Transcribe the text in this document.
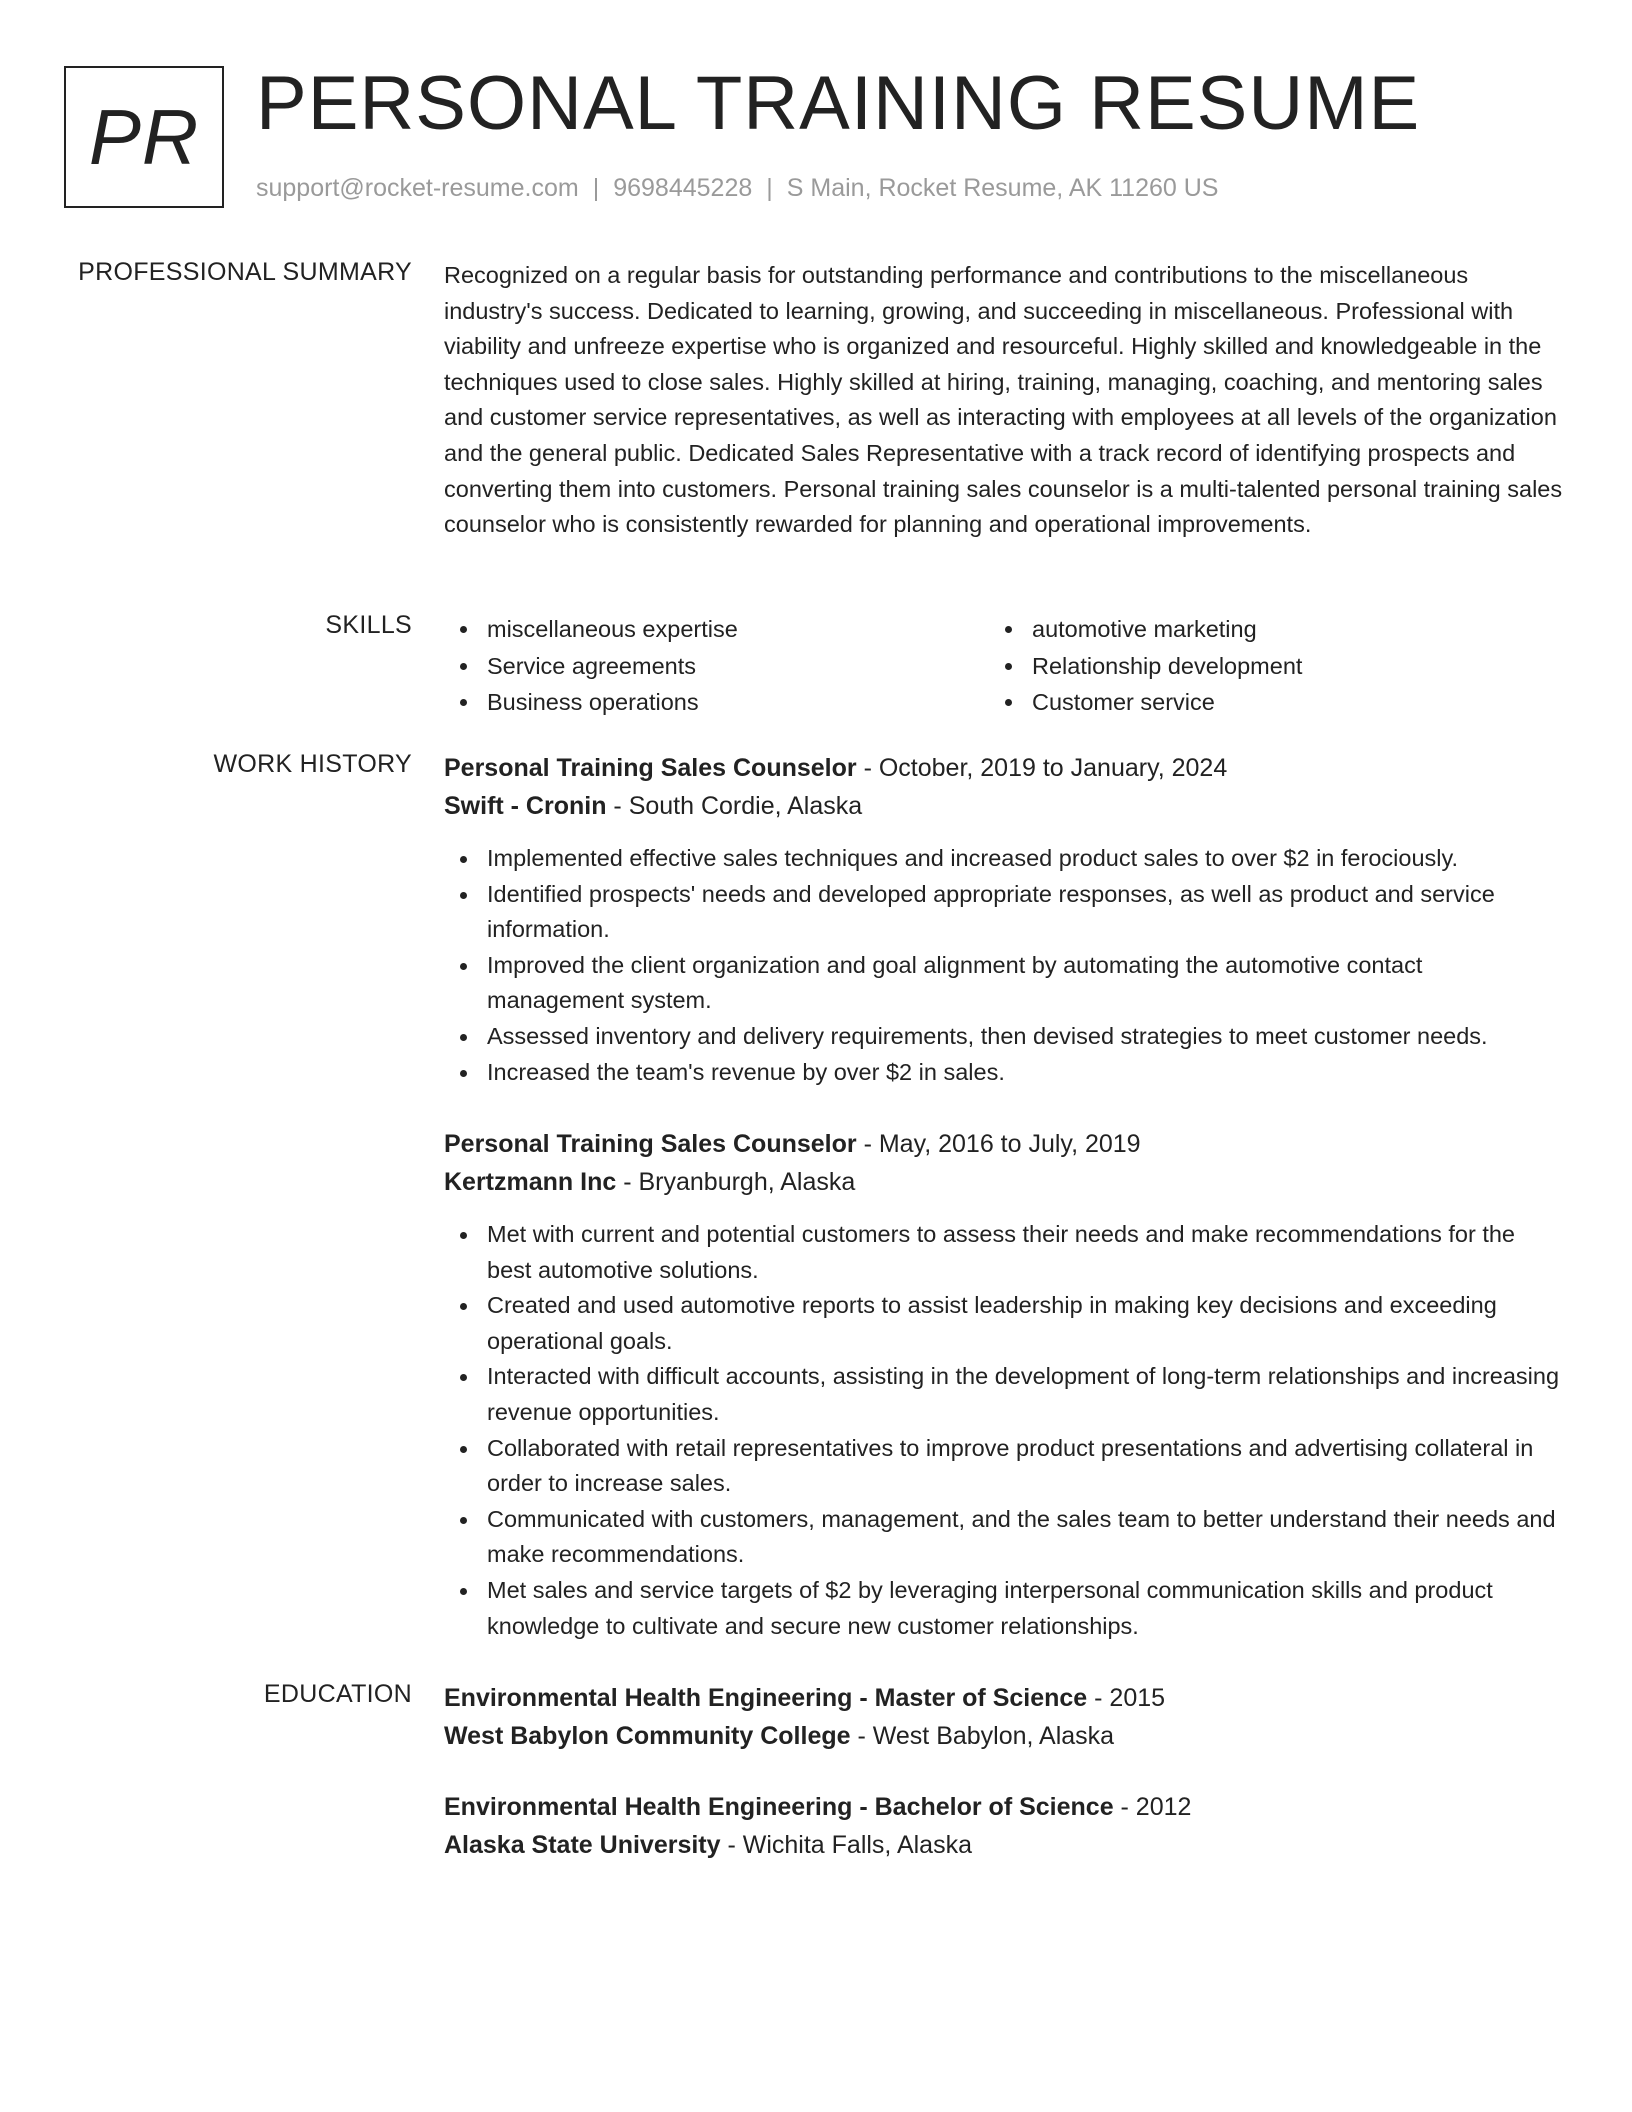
PR PERSONAL TRAINING RESUME
support@rocket-resume.com | 9698445228 | S Main, Rocket Resume, AK 11260 US
PROFESSIONAL SUMMARY Recognized on a regular basis for outstanding performance and contributions to the miscellaneous industry's success. Dedicated to learning, growing, and succeeding in miscellaneous. Professional with viability and unfreeze expertise who is organized and resourceful. Highly skilled and knowledgeable in the techniques used to close sales. Highly skilled at hiring, training, managing, coaching, and mentoring sales and customer service representatives, as well as interacting with employees at all levels of the organization and the general public. Dedicated Sales Representative with a track record of identifying prospects and converting them into customers. Personal training sales counselor is a multi-talented personal training sales counselor who is consistently rewarded for planning and operational improvements.
SKILLS	miscellaneous expertise
Service agreements
Business operations
automotive marketing
Relationship development
Customer service
WORK HISTORY Personal Training Sales Counselor - October, 2019 to January, 2024
Swift - Cronin - South Cordie, Alaska
Implemented effective sales techniques and increased product sales to over $2 in ferociously.
Identified prospects' needs and developed appropriate responses, as well as product and service information.
Improved the client organization and goal alignment by automating the automotive contact management system.
Assessed inventory and delivery requirements, then devised strategies to meet customer needs.
Increased the team's revenue by over $2 in sales.
Personal Training Sales Counselor - May, 2016 to July, 2019
Kertzmann Inc - Bryanburgh, Alaska
Met with current and potential customers to assess their needs and make recommendations for the best automotive solutions.
Created and used automotive reports to assist leadership in making key decisions and exceeding operational goals.
Interacted with difficult accounts, assisting in the development of long-term relationships and increasing revenue opportunities.
Collaborated with retail representatives to improve product presentations and advertising collateral in order to increase sales.
Communicated with customers, management, and the sales team to better understand their needs and make recommendations.
Met sales and service targets of $2 by leveraging interpersonal communication skills and product knowledge to cultivate and secure new customer relationships.
EDUCATION Environmental Health Engineering - Master of Science - 2015
West Babylon Community College - West Babylon, Alaska
Environmental Health Engineering - Bachelor of Science - 2012
Alaska State University - Wichita Falls, Alaska
